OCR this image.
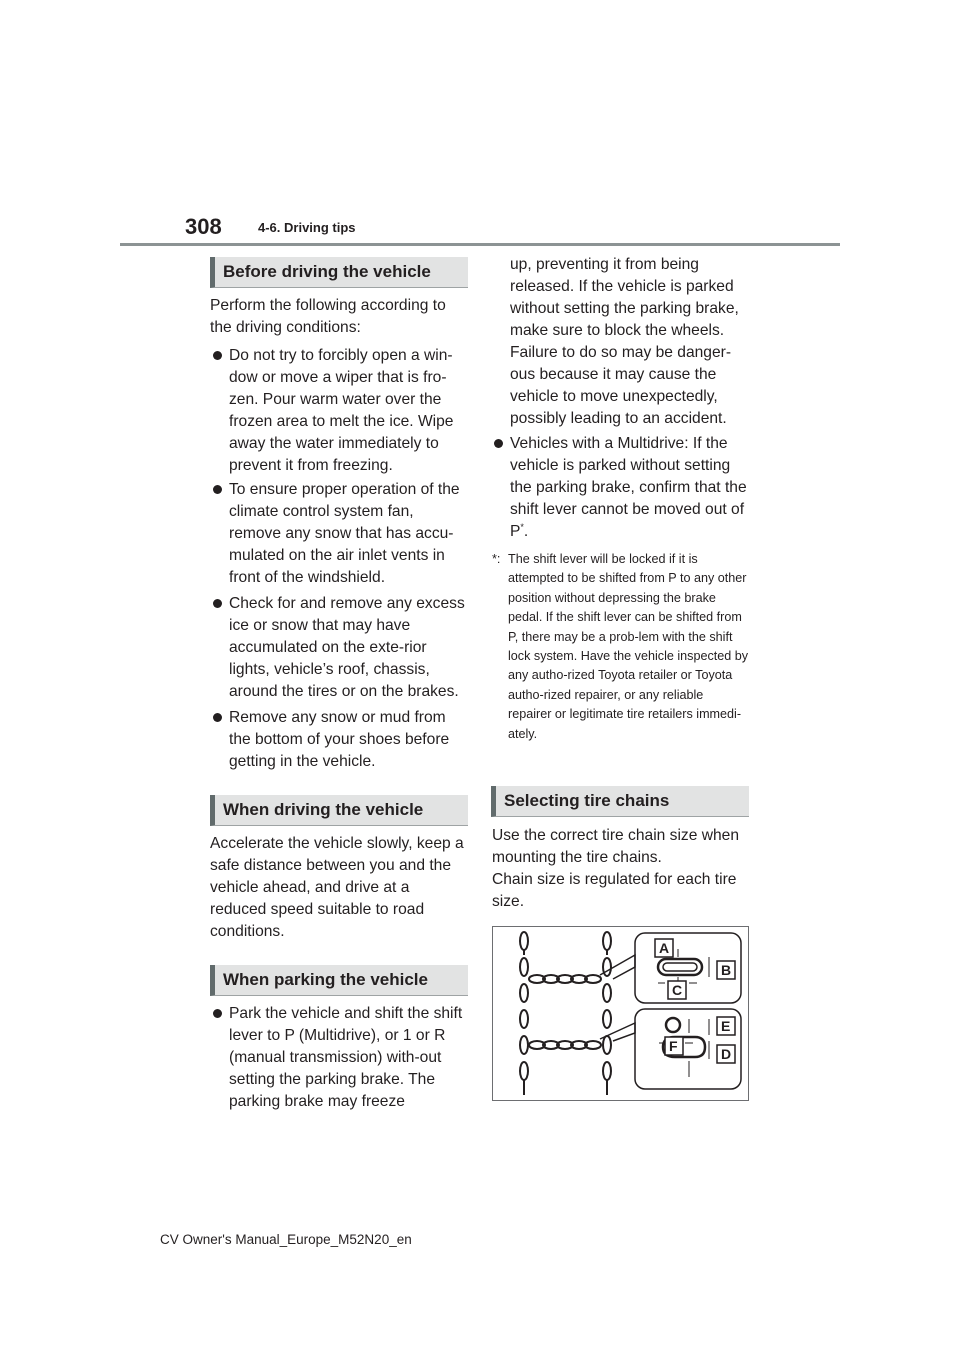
308	4-6. Driving tips
Before driving the vehicle

Perform the following according to the driving conditions:

Do not try to forcibly open a win-dow or move a wiper that is fro-zen. Pour warm water over the frozen area to melt the ice. Wipe away the water immediately to prevent it from freezing.
To ensure proper operation of the climate control system fan, remove any snow that has accu-mulated on the air inlet vents in front of the windshield.
Check for and remove any excess ice or snow that may have accumulated on the exte-rior lights, vehicle’s roof, chassis, around the tires or on the brakes.
Remove any snow or mud from the bottom of your shoes before getting in the vehicle.
When driving the vehicle

Accelerate the vehicle slowly, keep a safe distance between you and the vehicle ahead, and drive at a reduced speed suitable to road conditions.

When parking the vehicle
Park the vehicle and shift the shift lever to P (Multidrive), or 1 or R (manual transmission) with-out setting the parking brake. The parking brake may freeze
up, preventing it from being released. If the vehicle is parked without setting the parking brake, make sure to block the wheels. Failure to do so may be danger-ous because it may cause the vehicle to move unexpectedly, possibly leading to an accident.
Vehicles with a Multidrive: If the vehicle is parked without setting the parking brake, confirm that the shift lever cannot be moved out of P*.
*: The shift lever will be locked if it is attempted to be shifted from P to any other position without depressing the brake pedal. If the shift lever can be shifted from P, there may be a prob-lem with the shift lock system. Have the vehicle inspected by any autho-rized Toyota retailer or Toyota autho-rized repairer, or any reliable repairer or legitimate tire retailers immedi-ately.
Selecting tire chains

Use the correct tire chain size when mounting the tire chains.

Chain size is regulated for each tire size.

A
B
C
E
F	D
CV Owner's Manual_Europe_M52N20_en
